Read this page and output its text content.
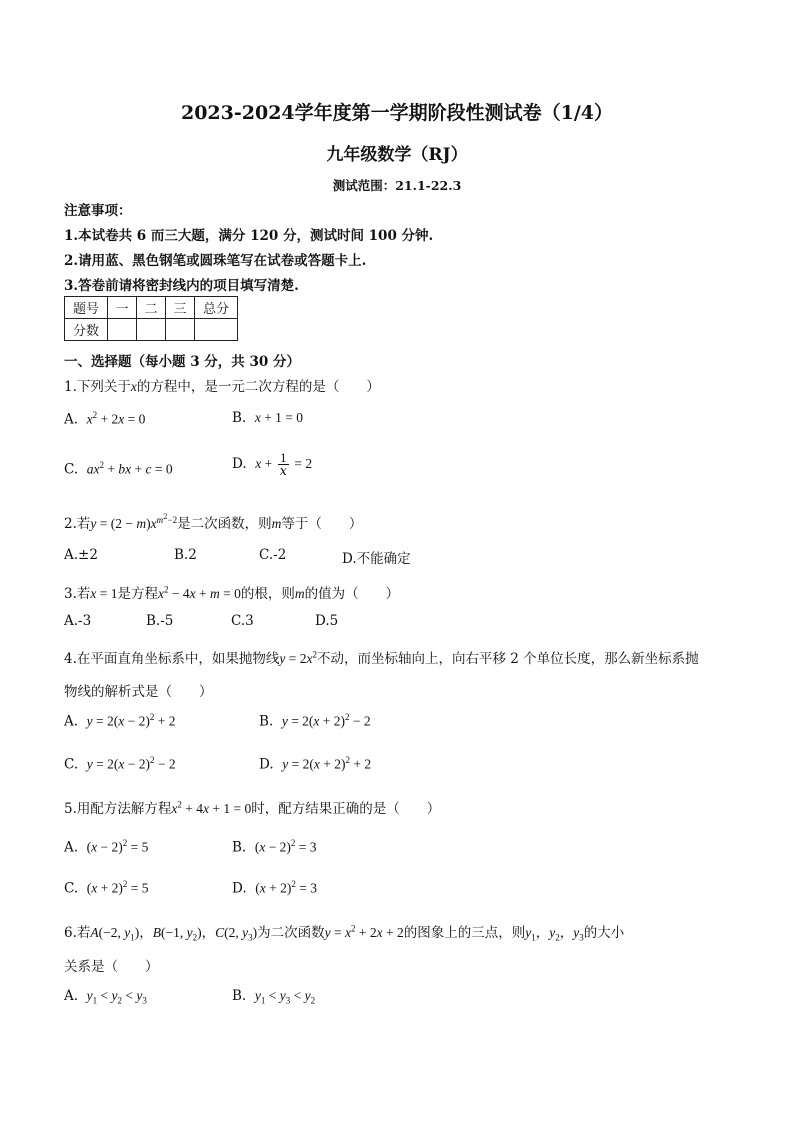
2023-2024学年度第一学期阶段性测试卷（1/4）
九年级数学（RJ）
测试范围：21.1-22.3
注意事项：
1.本试卷共 6 而三大题，满分 120 分，测试时间 100 分钟.
2.请用蓝、黑色钢笔或圆珠笔写在试卷或答题卡上.
3.答卷前请将密封线内的项目填写清楚.
题号	一	二	三	总分
分数				
一、选择题（每小题 3 分，共 30 分）
1.下列关于x的方程中，是一元二次方程的是（　　）
A. $x^2 + 2x = 0$	B. x + 1 = 0
C. $ax^2$ + bx + c = 0	D. $x + \frac{1}{x} = 2$
2.若$y = (2 - m)x^{m^2-2}$是二次函数，则m等于（　　）
A.±2	B.2	C.-2	D.不能确定
3.若x = 1是方程$x^2 - 4x + m = 0$的根，则m的值为（　　）
A.-3	B.-5	C.3	D.5
4.在平面直角坐标系中，如果抛物线$y = 2x^2$不动，而坐标轴向上，向右平移 2 个单位长度，那么新坐标系抛
物线的解析式是（　　）
A. $y = 2(x - 2)^2 + 2$	B. $y = 2(x + 2)^2 - 2$
C. $y = 2(x - 2)^2 - 2$	D. $y = 2(x + 2)^2 + 2$
5.用配方法解方程$x^2 + 4x + 1 = 0$时，配方结果正确的是（　　）
A. $(x - 2)^2 = 5$	B. $(x - 2)^2 = 3$
C. $(x + 2)^2 = 5$	D. $(x + 2)^2 = 3$
6.若A(−2, $y_1$)，B(−1, $y_2$)，C(2, $y_3$)为二次函数$y = x^2 + 2x + 2$的图象上的三点，则$y_1$，$y_2$，$y_3$的大小
关系是（　　）
A. $y_1 < y_2 < y_3$	B. $y_1 < y_3 < y_2$
